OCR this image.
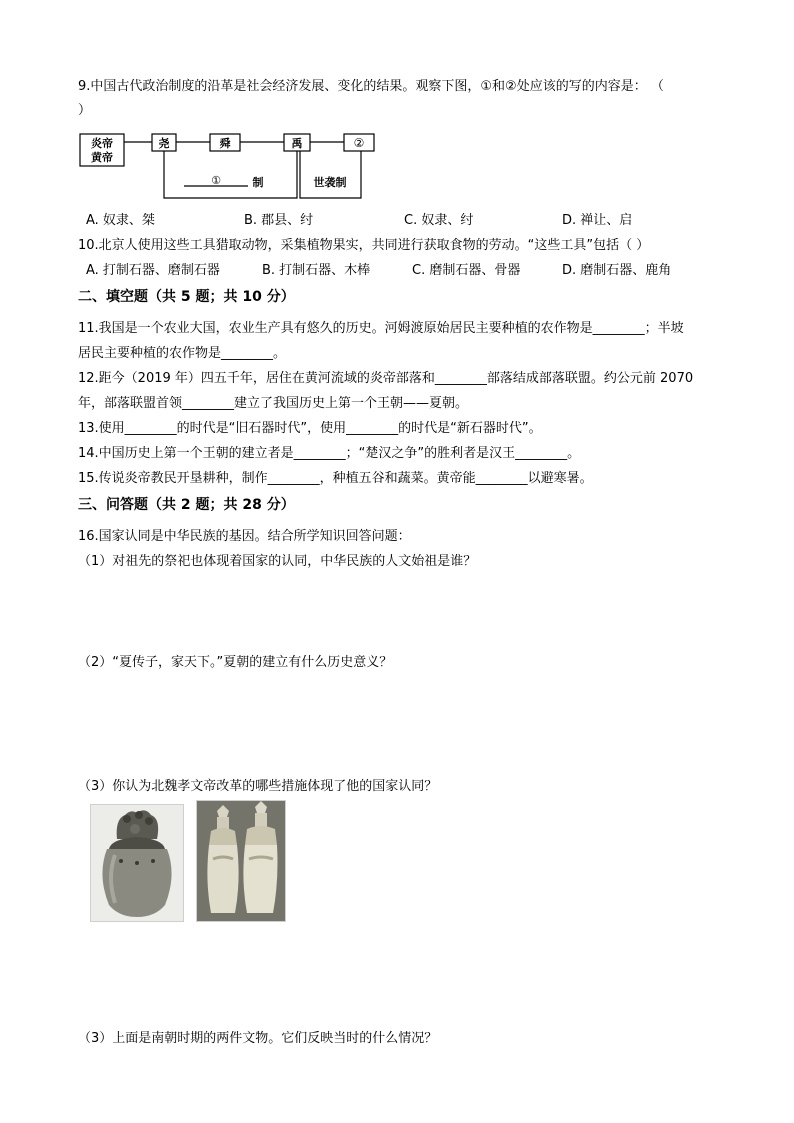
9.中国古代政治制度的沿革是社会经济发展、变化的结果。观察下图，①和②处应该的写的内容是： （
）
炎帝
黄帝
尧	舜	禹	②
①	制	世袭制
A. 奴隶、桀	B. 郡县、纣	C. 奴隶、纣	D. 禅让、启
10.北京人使用这些工具猎取动物，采集植物果实，共同进行获取食物的劳动。“这些工具”包括（ ）
A. 打制石器、磨制石器	B. 打制石器、木棒	C. 磨制石器、骨器	D. 磨制石器、鹿角
二、填空题（共 5 题；共 10 分）
11.我国是一个农业大国，农业生产具有悠久的历史。河姆渡原始居民主要种植的农作物是________；半坡
居民主要种植的农作物是________。
12.距今（2019 年）四五千年，居住在黄河流域的炎帝部落和________部落结成部落联盟。约公元前 2070
年，部落联盟首领________建立了我国历史上第一个王朝——夏朝。
13.使用________的时代是“旧石器时代”，使用________的时代是“新石器时代”。
14.中国历史上第一个王朝的建立者是________；“楚汉之争”的胜利者是汉王________。
15.传说炎帝教民开垦耕种，制作________，种植五谷和蔬菜。黄帝能________以避寒暑。
三、问答题（共 2 题；共 28 分）
16.国家认同是中华民族的基因。结合所学知识回答问题：
（1）对祖先的祭祀也体现着国家的认同，中华民族的人文始祖是谁？
（2）“夏传子，家天下。”夏朝的建立有什么历史意义？
（3）你认为北魏孝文帝改革的哪些措施体现了他的国家认同？
（3）上面是南朝时期的两件文物。它们反映当时的什么情况？
